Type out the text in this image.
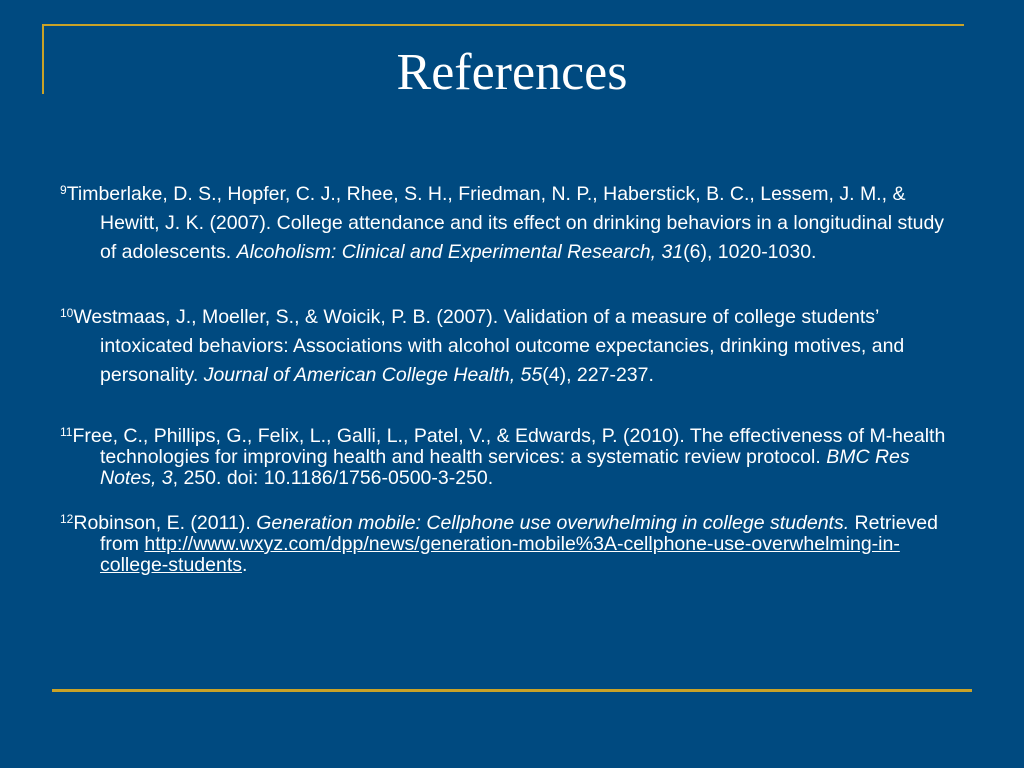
References
$^9$Timberlake, D. S., Hopfer, C. J., Rhee, S. H., Friedman, N. P., Haberstick, B. C., Lessem, J. M., & Hewitt, J. K. (2007). College attendance and its effect on drinking behaviors in a longitudinal study of adolescents. Alcoholism: Clinical and Experimental Research, 31(6), 1020-1030.
$^{10}$Westmaas, J., Moeller, S., & Woicik, P. B. (2007). Validation of a measure of college students’ intoxicated behaviors: Associations with alcohol outcome expectancies, drinking motives, and personality. Journal of American College Health, 55(4), 227-237.
$^{11}$Free, C., Phillips, G., Felix, L., Galli, L., Patel, V., & Edwards, P. (2010). The effectiveness of M-health technologies for improving health and health services: a systematic review protocol. BMC Res Notes, 3, 250. doi: 10.1186/1756-0500-3-250.
$^{12}$Robinson, E. (2011). Generation mobile: Cellphone use overwhelming in college students. Retrieved from http://www.wxyz.com/dpp/news/generation-mobile%3A-cellphone-use-overwhelming-in-college-students.
